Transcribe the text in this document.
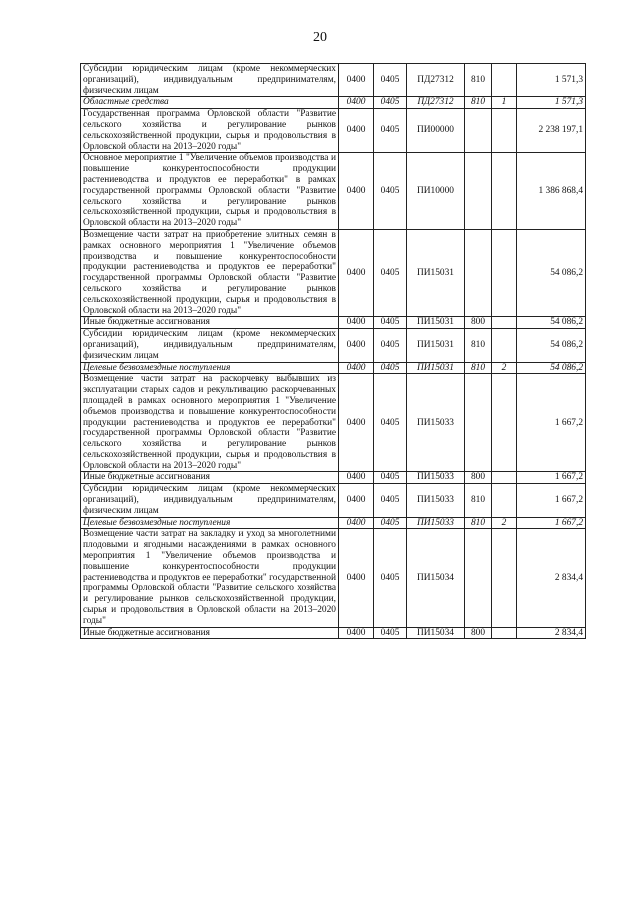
20
Субсидии юридическим лицам (кроме некоммерческих организаций), индивидуальным предпринимателям, физическим лицам	0400	0405	ПД27312	810		1 571,3
Областные средства	0400	0405	ПД27312	810	1	1 571,3
Государственная программа Орловской области "Развитие сельского хозяйства и регулирование рынков сельскохозяйственной продукции, сырья и продовольствия в Орловской области на 2013–2020 годы"	0400	0405	ПИ00000			2 238 197,1
Основное мероприятие 1 "Увеличение объемов производства и повышение конкурентоспособности продукции растениеводства и продуктов ее переработки" в рамках государственной программы Орловской области "Развитие сельского хозяйства и регулирование рынков сельскохозяйственной продукции, сырья и продовольствия в Орловской области на 2013–2020 годы"	0400	0405	ПИ10000			1 386 868,4
Возмещение части затрат на приобретение элитных семян в рамках основного мероприятия 1 "Увеличение объемов производства и повышение конкурентоспособности продукции растениеводства и продуктов ее переработки" государственной программы Орловской области "Развитие сельского хозяйства и регулирование рынков сельскохозяйственной продукции, сырья и продовольствия в Орловской области на 2013–2020 годы"	0400	0405	ПИ15031			54 086,2
Иные бюджетные ассигнования	0400	0405	ПИ15031	800		54 086,2
Субсидии юридическим лицам (кроме некоммерческих организаций), индивидуальным предпринимателям, физическим лицам	0400	0405	ПИ15031	810		54 086,2
Целевые безвозмездные поступления	0400	0405	ПИ15031	810	2	54 086,2
Возмещение части затрат на раскорчевку выбывших из эксплуатации старых садов и рекультивацию раскорчеванных площадей в рамках основного мероприятия 1 "Увеличение объемов производства и повышение конкурентоспособности продукции растениеводства и продуктов ее переработки" государственной программы Орловской области "Развитие сельского хозяйства и регулирование рынков сельскохозяйственной продукции, сырья и продовольствия в Орловской области на 2013–2020 годы"	0400	0405	ПИ15033			1 667,2
Иные бюджетные ассигнования	0400	0405	ПИ15033	800		1 667,2
Субсидии юридическим лицам (кроме некоммерческих организаций), индивидуальным предпринимателям, физическим лицам	0400	0405	ПИ15033	810		1 667,2
Целевые безвозмездные поступления	0400	0405	ПИ15033	810	2	1 667,2
Возмещение части затрат на закладку и уход за многолетними плодовыми и ягодными насаждениями в рамках основного мероприятия 1 "Увеличение объемов производства и повышение конкурентоспособности продукции растениеводства и продуктов ее переработки" государственной программы Орловской области "Развитие сельского хозяйства и регулирование рынков сельскохозяйственной продукции, сырья и продовольствия в Орловской области на 2013–2020 годы"	0400	0405	ПИ15034			2 834,4
Иные бюджетные ассигнования	0400	0405	ПИ15034	800		2 834,4
